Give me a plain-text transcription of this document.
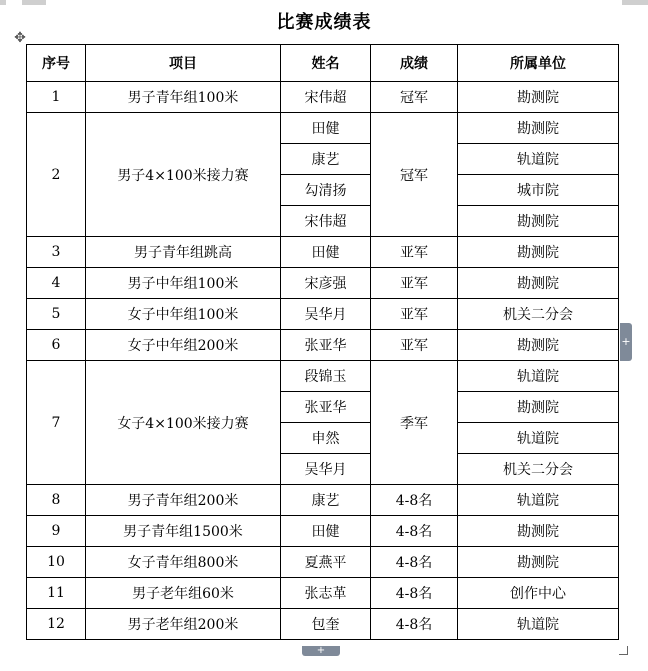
比赛成绩表
✥
序号	项目	姓名	成绩	所属单位
1	男子青年组100米	宋伟超	冠军	勘测院
2	男子4×100米接力赛	田健	冠军	勘测院
		康艺		轨道院
		勾清扬		城市院
		宋伟超		勘测院
3	男子青年组跳高	田健	亚军	勘测院
4	男子中年组100米	宋彦强	亚军	勘测院
5	女子中年组100米	吴华月	亚军	机关二分会
6	女子中年组200米	张亚华	亚军	勘测院
7	女子4×100米接力赛	段锦玉	季军	轨道院
		张亚华		勘测院
		申然		轨道院
		吴华月		机关二分会
8	男子青年组200米	康艺	4-8名	轨道院
9	男子青年组1500米	田健	4-8名	勘测院
10	女子青年组800米	夏燕平	4-8名	勘测院
11	男子老年组60米	张志革	4-8名	创作中心
12	男子老年组200米	包奎	4-8名	轨道院
+
+
